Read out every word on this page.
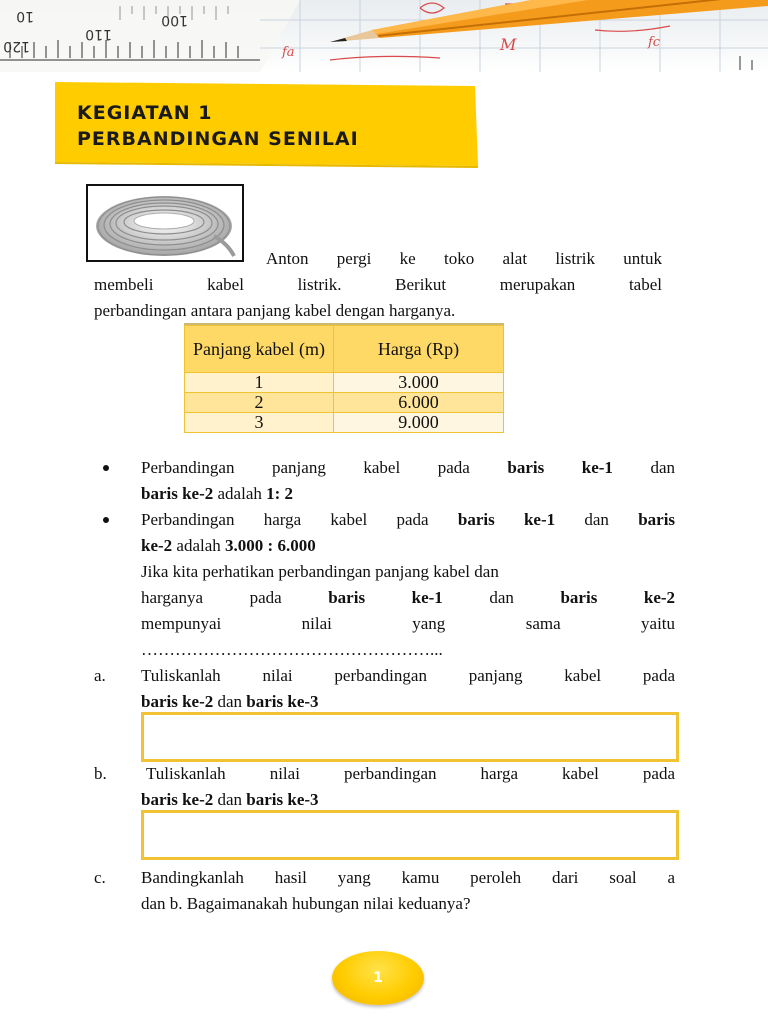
10
120
110
100
fa	M	fc
KEGIATAN 1
PERBANDINGAN SENILAI
Anton pergi ke toko alat listrik untuk
membeli kabel listrik. Berikut merupakan tabel
perbandingan antara panjang kabel dengan harganya.
Panjang kabel (m)	Harga (Rp)
1	3.000
2	6.000
3	9.000
Perbandingan panjang kabel pada baris ke-1 dan
baris ke-2 adalah 1: 2
Perbandingan harga kabel pada baris ke-1 dan baris
ke-2 adalah 3.000 : 6.000
Jika kita perhatikan perbandingan panjang kabel dan
harganya	pada	baris	ke-1	dan	baris	ke-2
mempunyai	nilai	yang	sama	yaitu
……………………………………………...
a. Tuliskanlah nilai perbandingan panjang kabel pada
baris ke-2 dan baris ke-3
b. Tuliskanlah nilai perbandingan harga kabel pada
baris ke-2 dan baris ke-3
c. Bandingkanlah hasil yang kamu peroleh dari soal a
dan b. Bagaimanakah hubungan nilai keduanya?
1
